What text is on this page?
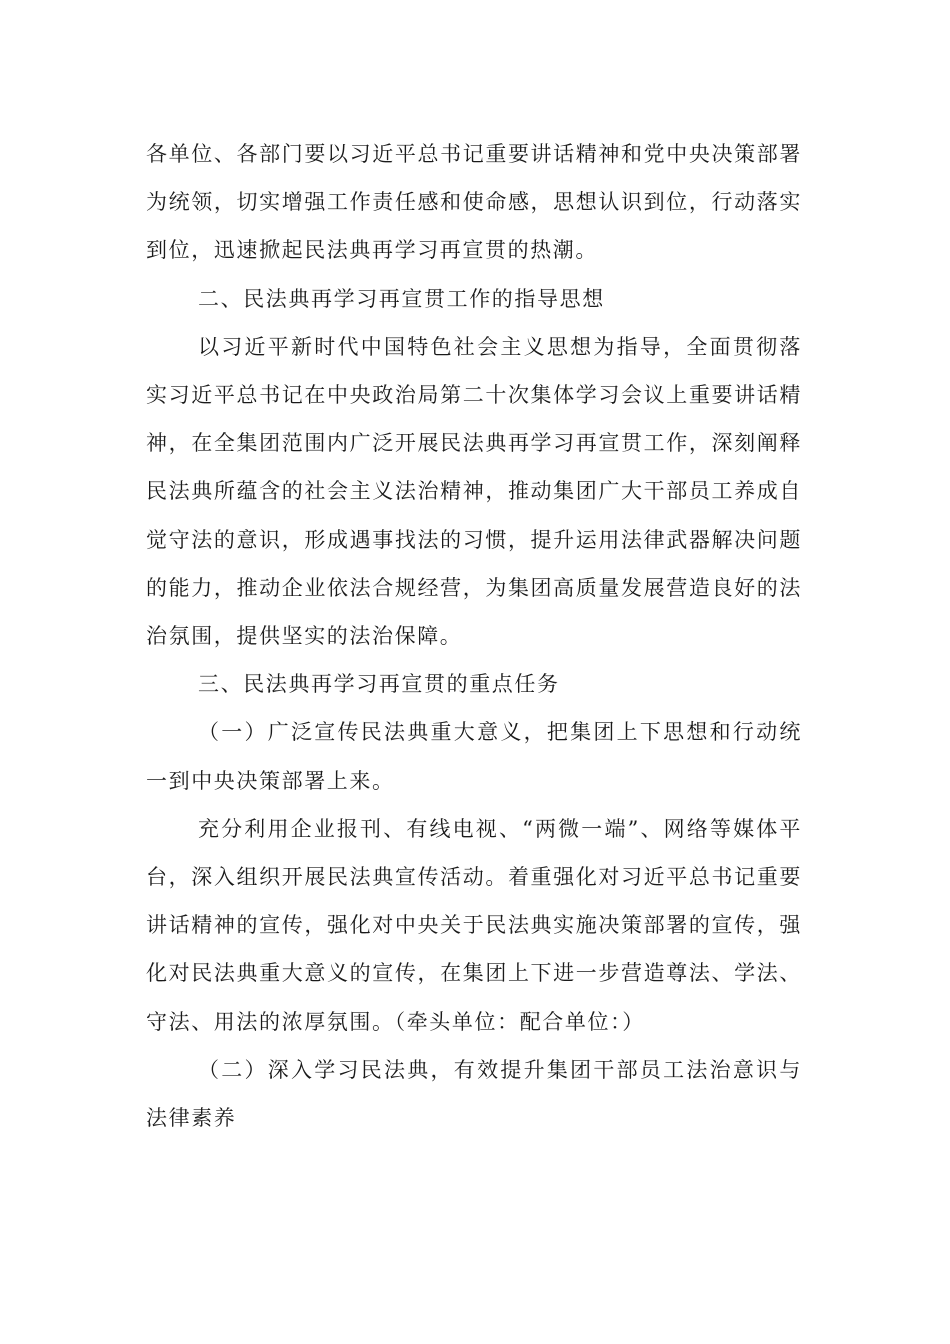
各单位、各部门要以习近平总书记重要讲话精神和党中央决策部署为统领，切实增强工作责任感和使命感，思想认识到位，行动落实到位，迅速掀起民法典再学习再宣贯的热潮。

二、民法典再学习再宣贯工作的指导思想

以习近平新时代中国特色社会主义思想为指导，全面贯彻落实习近平总书记在中央政治局第二十次集体学习会议上重要讲话精神，在全集团范围内广泛开展民法典再学习再宣贯工作，深刻阐释民法典所蕴含的社会主义法治精神，推动集团广大干部员工养成自觉守法的意识，形成遇事找法的习惯，提升运用法律武器解决问题的能力，推动企业依法合规经营，为集团高质量发展营造良好的法治氛围，提供坚实的法治保障。

三、民法典再学习再宣贯的重点任务

（一）广泛宣传民法典重大意义，把集团上下思想和行动统一到中央决策部署上来。

充分利用企业报刊、有线电视、“两微一端”、网络等媒体平台，深入组织开展民法典宣传活动。着重强化对习近平总书记重要讲话精神的宣传，强化对中央关于民法典实施决策部署的宣传，强化对民法典重大意义的宣传，在集团上下进一步营造尊法、学法、守法、用法的浓厚氛围。（牵头单位：配合单位：）

（二）深入学习民法典，有效提升集团干部员工法治意识与法律素养
